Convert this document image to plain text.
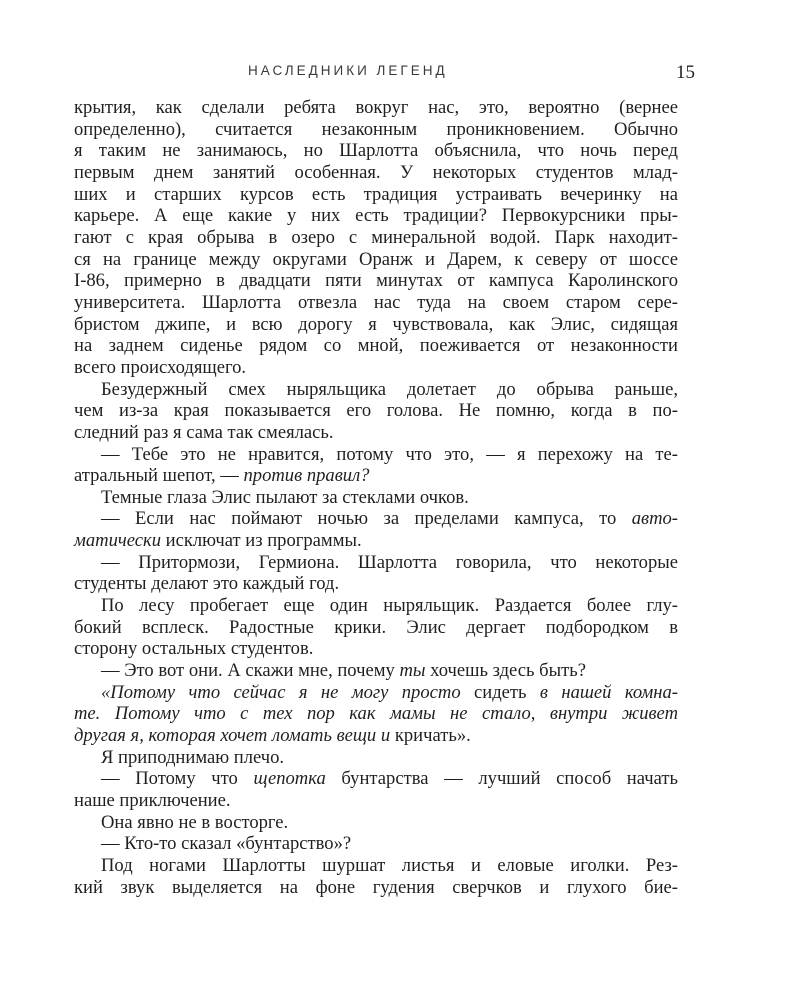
НАСЛЕДНИКИ ЛЕГЕНД	15
крытия, как сделали ребята вокруг нас, это, вероятно (вернее
определенно), считается незаконным проникновением. Обычно
я таким не занимаюсь, но Шарлотта объяснила, что ночь перед
первым днем занятий особенная. У некоторых студентов млад-
ших и старших курсов есть традиция устраивать вечеринку на
карьере. А еще какие у них есть традиции? Первокурсники пры-
гают с края обрыва в озеро с минеральной водой. Парк находит-
ся на границе между округами Оранж и Дарем, к северу от шоссе
I-86, примерно в двадцати пяти минутах от кампуса Каролинского
университета. Шарлотта отвезла нас туда на своем старом сере-
бристом джипе, и всю дорогу я чувствовала, как Элис, сидящая
на заднем сиденье рядом со мной, поеживается от незаконности
всего происходящего.
Безудержный смех ныряльщика долетает до обрыва раньше,
чем из-за края показывается его голова. Не помню, когда в по-
следний раз я сама так смеялась.
— Тебе это не нравится, потому что это, — я перехожу на те-
атральный шепот, — против правил?
Темные глаза Элис пылают за стеклами очков.
— Если нас поймают ночью за пределами кампуса, то авто-
матически исключат из программы.
— Притормози, Гермиона. Шарлотта говорила, что некоторые
студенты делают это каждый год.
По лесу пробегает еще один ныряльщик. Раздается более глу-
бокий всплеск. Радостные крики. Элис дергает подбородком в
сторону остальных студентов.
— Это вот они. А скажи мне, почему ты хочешь здесь быть?
«Потому что сейчас я не могу просто сидеть в нашей комна-
те. Потому что с тех пор как мамы не стало, внутри живет
другая я, которая хочет ломать вещи и кричать».
Я приподнимаю плечо.
— Потому что щепотка бунтарства — лучший способ начать
наше приключение.
Она явно не в восторге.
— Кто-то сказал «бунтарство»?
Под ногами Шарлотты шуршат листья и еловые иголки. Рез-
кий звук выделяется на фоне гудения сверчков и глухого бие-
